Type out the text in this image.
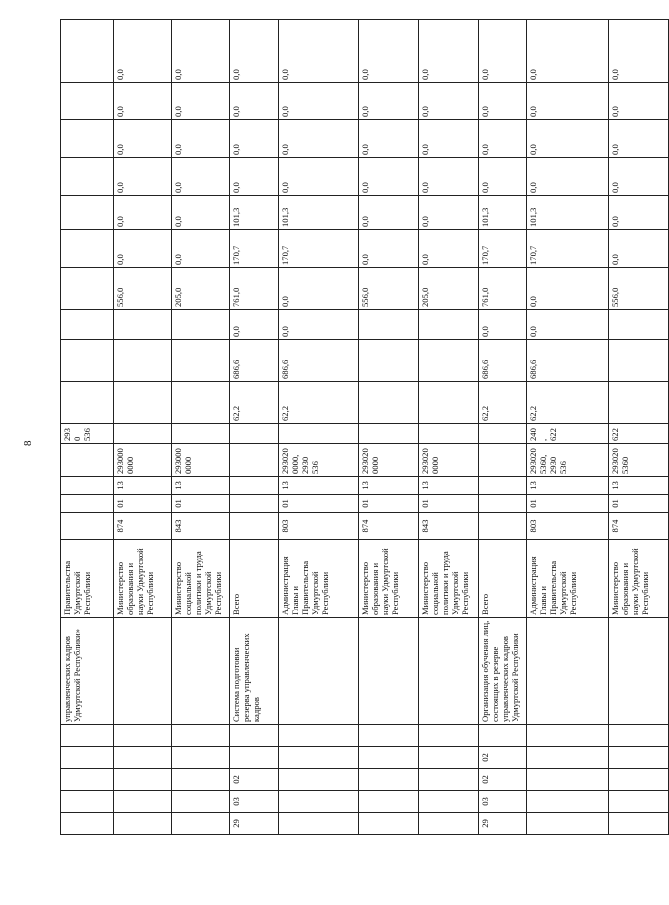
8
					управленческих кадров Удмуртской Республики»	Правительства Удмуртской Республики					2930 536										
						Министерство образования и науки Удмуртской Республики	874	01	13	293000 0000					556,0	0,0	0,0	0,0	0,0	0,0	0,0
						Министерство социальной политики и труда Удмуртской Республики	843	01	13	293000 0000					205,0	0,0	0,0	0,0	0,0	0,0	0,0
29	03	02			Система подготовки резерва управленческих кадров	Всего						62,2	686,6	0,0	761,0	170,7	101,3	0,0	0,0	0,0	0,0
						Администрация Главы и Правительства Удмуртской Республики	803	01	13	293020 0000, 2930 536		62,2	686,6	0,0	0,0	170,7	101,3	0,0	0,0	0,0	0,0
						Министерство образования и науки Удмуртской Республики	874	01	13	293020 0000					556,0	0,0	0,0	0,0	0,0	0,0	0,0
						Министерство социальной политики и труда Удмуртской Республики	843	01	13	293020 0000					205,0	0,0	0,0	0,0	0,0	0,0	0,0
29	03	02	02		Организация обучения лиц, состоящих в резерве управленческих кадров Удмуртской Республики	Всего						62,2	686,6	0,0	761,0	170,7	101,3	0,0	0,0	0,0	0,0
						Администрация Главы и Правительства Удмуртской Республики	803	01	13	293020 5360, 2930 536	240, 622	62,2	686,6	0,0	0,0	170,7	101,3	0,0	0,0	0,0	0,0
						Министерство образования и науки Удмуртской Республики	874	01	13	293020 5360	622				556,0	0,0	0,0	0,0	0,0	0,0	0,0
